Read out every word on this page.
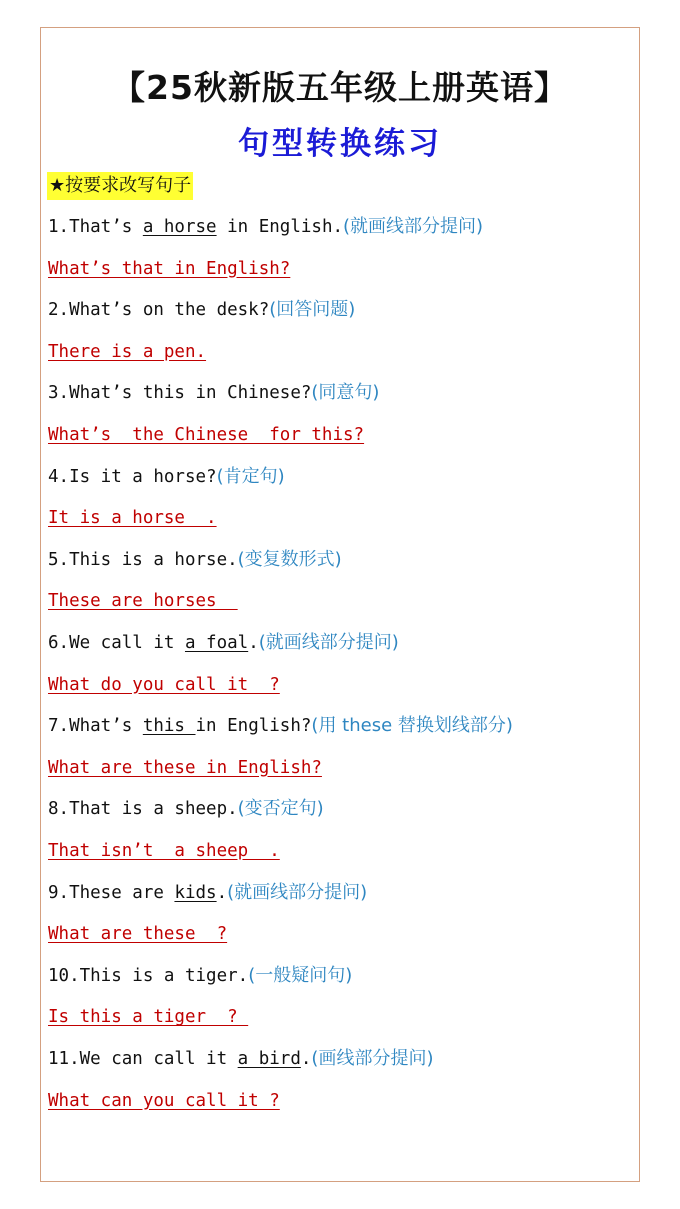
【25秋新版五年级上册英语】
句型转换练习
★按要求改写句子
1.That’s a horse in English.(就画线部分提问)
What’s that in English?
2.What’s on the desk?(回答问题)
There is a pen.
3.What’s this in Chinese?(同意句)
What’s  the Chinese  for this?
4.Is it a horse?(肯定句)
It is a horse  .
5.This is a horse.(变复数形式)
These are horses
6.We call it a foal.(就画线部分提问)
What do you call it  ?
7.What’s this in English?(用 these 替换划线部分)
What are these in English?
8.That is a sheep.(变否定句)
That isn’t  a sheep  .
9.These are kids.(就画线部分提问)
What are these  ?
10.This is a tiger.(一般疑问句)
Is this a tiger  ?
11.We can call it a bird.(画线部分提问)
What can you call it ?
